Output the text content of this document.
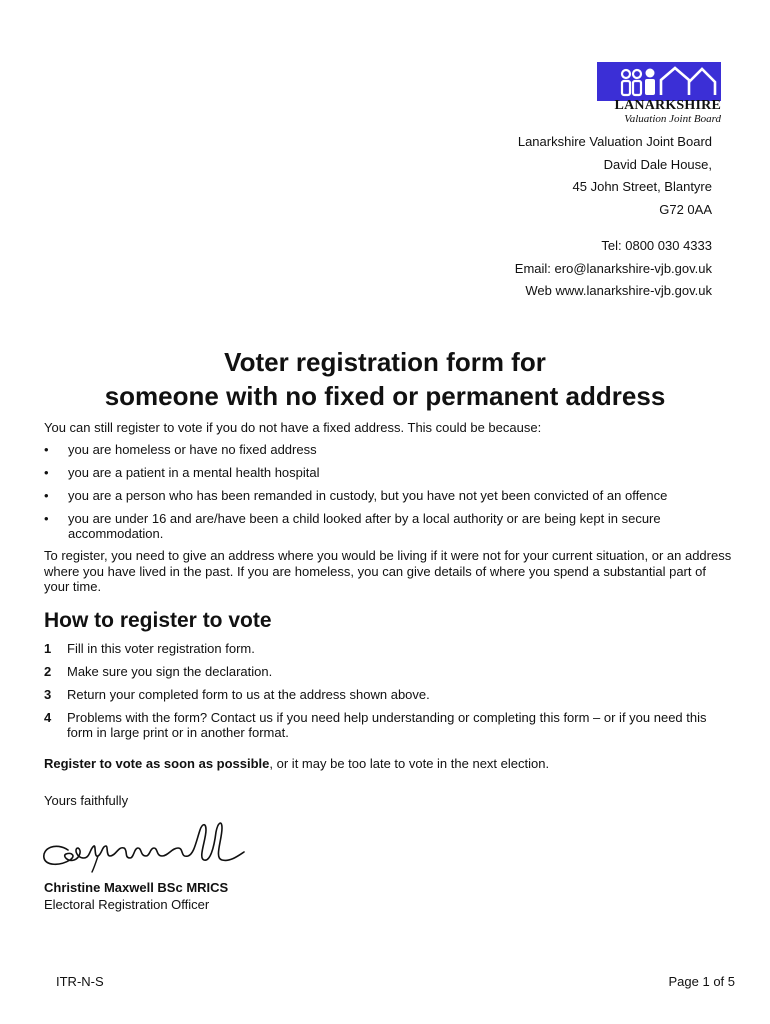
LANARKSHIRE
Valuation Joint Board
Lanarkshire Valuation Joint Board
David Dale House,
45 John Street, Blantyre
G72 0AA
Tel: 0800 030 4333
Email: ero@lanarkshire-vjb.gov.uk
Web www.lanarkshire-vjb.gov.uk
Voter registration form for
someone with no fixed or permanent address
You can still register to vote if you do not have a fixed address. This could be because:
• you are homeless or have no fixed address
• you are a patient in a mental health hospital
• you are a person who has been remanded in custody, but you have not yet been convicted of an offence
• you are under 16 and are/have been a child looked after by a local authority or are being kept in secure accommodation.
To register, you need to give an address where you would be living if it were not for your current situation, or an address where you have lived in the past. If you are homeless, you can give details of where you spend a substantial part of your time.
How to register to vote
1 Fill in this voter registration form.
2 Make sure you sign the declaration.
3 Return your completed form to us at the address shown above.
4 Problems with the form? Contact us if you need help understanding or completing this form – or if you need this form in large print or in another format.
Register to vote as soon as possible, or it may be too late to vote in the next election.
Yours faithfully
Christine Maxwell BSc MRICS
Electoral Registration Officer
ITR-N-S	Page 1 of 5
